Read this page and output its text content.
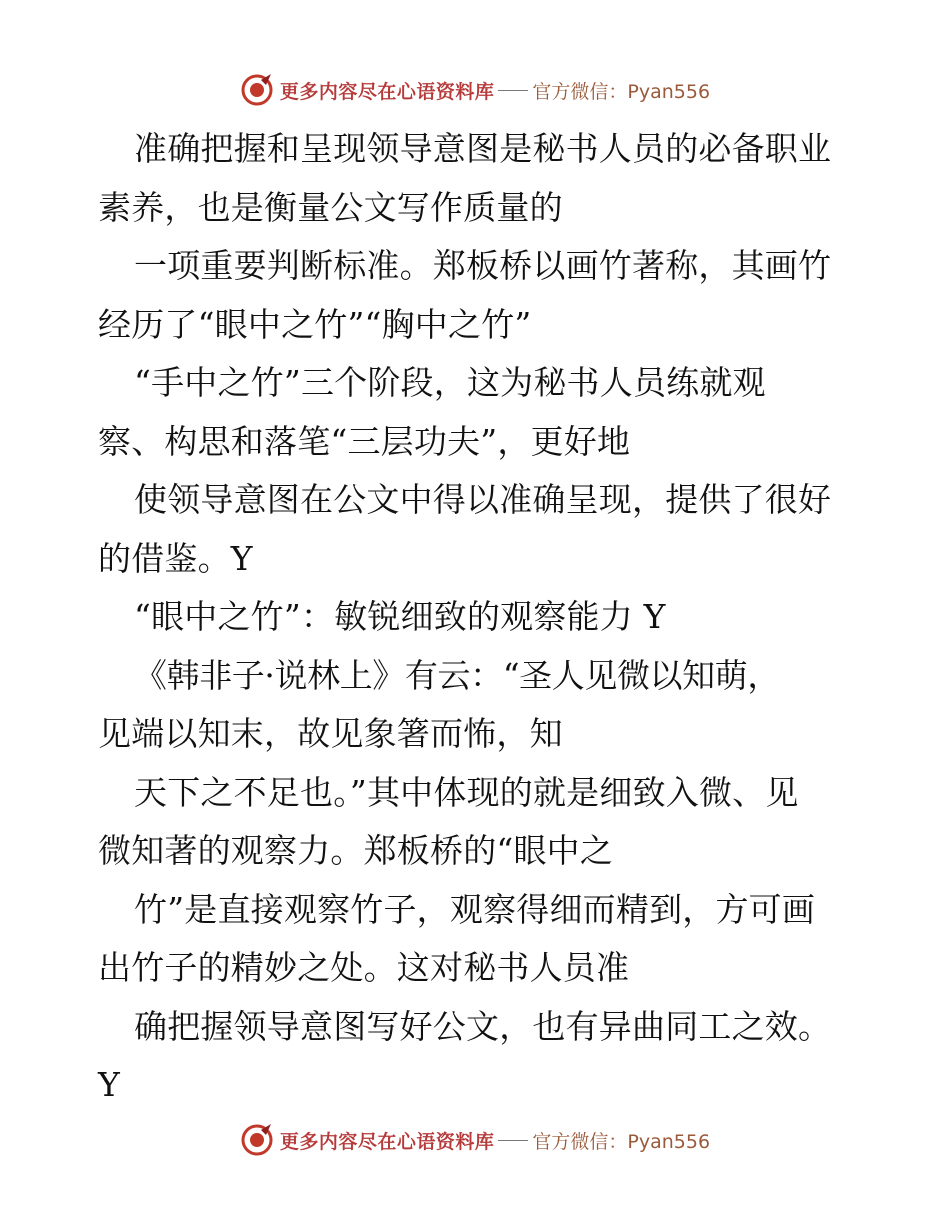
更多内容尽在心语资料库 官方微信：Pyan556
准确把握和呈现领导意图是秘书人员的必备职业
素养，也是衡量公文写作质量的
一项重要判断标准。郑板桥以画竹著称，其画竹
经历了“眼中之竹”“胸中之竹”
“手中之竹”三个阶段，这为秘书人员练就观
察、构思和落笔“三层功夫”，更好地
使领导意图在公文中得以准确呈现，提供了很好
的借鉴。Y
“眼中之竹”：敏锐细致的观察能力 Y
《韩非子·说林上》有云：“圣人见微以知萌，
见端以知末，故见象箸而怖，知
天下之不足也。”其中体现的就是细致入微、见
微知著的观察力。郑板桥的“眼中之
竹”是直接观察竹子，观察得细而精到，方可画
出竹子的精妙之处。这对秘书人员准
确把握领导意图写好公文，也有异曲同工之效。
Y
更多内容尽在心语资料库 官方微信：Pyan556
